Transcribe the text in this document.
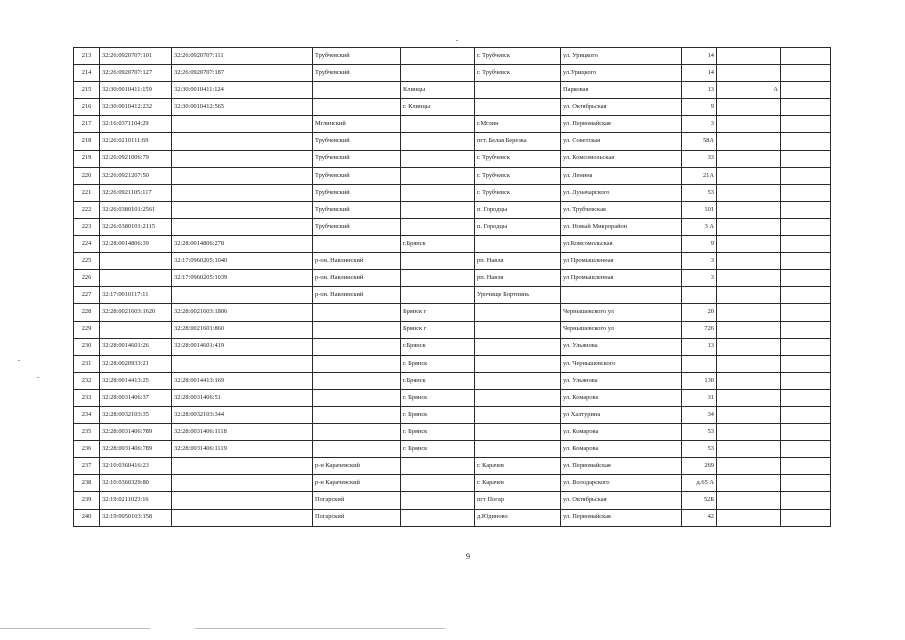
213	32:26:0920707:101	32:26:0920707:111	Трубчевский		г. Трубчевск	ул. Урицкого	14		
214	32:26:0920707:127	32:26:0920707:187	Трубчевский		г. Трубчевск	ул.Урицкого	14		
215	32:30:0010411:159	32:30:0010411:124		Клинцы		Парковая	13	А	
216	32:30:0010412:232	32:30:0010412:565		г. Клинцы		ул. Октябрьская	9		
217	32:16:0371104:29		Мглинский		г.Мглин	ул. Первомайская	3		
218	32:26:0210111:69		Трубчевский		пгт. Белая Березка	ул. Советская	58А		
219	32:26:0921006:79		Трубчевский		г. Трубчевск	ул. Комсомольская	33		
220	32:26:0921207:50		Трубчевский		г. Трубчевск	ул. Ленина	21А		
221	32:26:0921105:117		Трубчевский		г. Трубчевск	ул. Луначарского	53		
222	32:26:0380101:2561		Трубчевский		п. Городцы	ул. Трубчевская	101		
223	32:26:0380101:2115		Трубчевский		п. Городцы	ул. Новый Микрорайон	3 А		
224	32:28:0014806:39	32:28:0014806:278		г.Брянск		ул.Комсомольская	9		
225		32:17:0960205:1040	р-он. Навлинский		рп. Навля	ул Промышленная	3		
226		32:17:0960205:1039	р-он. Навлинский		рп. Навля	ул Промышленная	3		
227	32:17:0010117:11		р-он. Навлинский		Урочище Бортнинь				
228	32:28:0021603:1620	32:28:0021603:1806		Брянск г		Чернышевского ул	20		
229		32:28:0021601:860		Брянск г		Чернышевского ул	726		
230	32:28:0014601:26	32:28:0014601:419		г.Брянск		ул. Ульянова	13		
231	32:28:0020933:21			г. Брянск		ул. Чернышевского			
232	32:28:0014413:25	32:28:0014413:169		г.Брянск		ул. Ульянова	130		
233	32:28:0031406:37	32:28:0031406:51		г. Брянск		ул. Комарова	31		
234	32:28:0032103:35	32:28:0032103:344		г. Брянск		ул Халтурина	34		
235	32:28:0031406:789	32:28:0031406:1118		г. Брянск		ул. Комарова	53		
236	32:28:0031406:789	32:28:0031406:1119		г. Брянск		ул. Комарова	53		
237	32:10:0360416:23		р-н Карачевский		г. Карачев	ул. Первомайская	269		
238	32:10:0360329:80		р-н Карачевский		г. Карачев	ул. Володарского	д.65 А		
239	32:19:0211023:16		Погарский		пгт Погар	ул. Октябрьская	52Б		
240	32:19:0050103:158		Погарский		д.Юдиново	ул. Первомайская	42		
9
